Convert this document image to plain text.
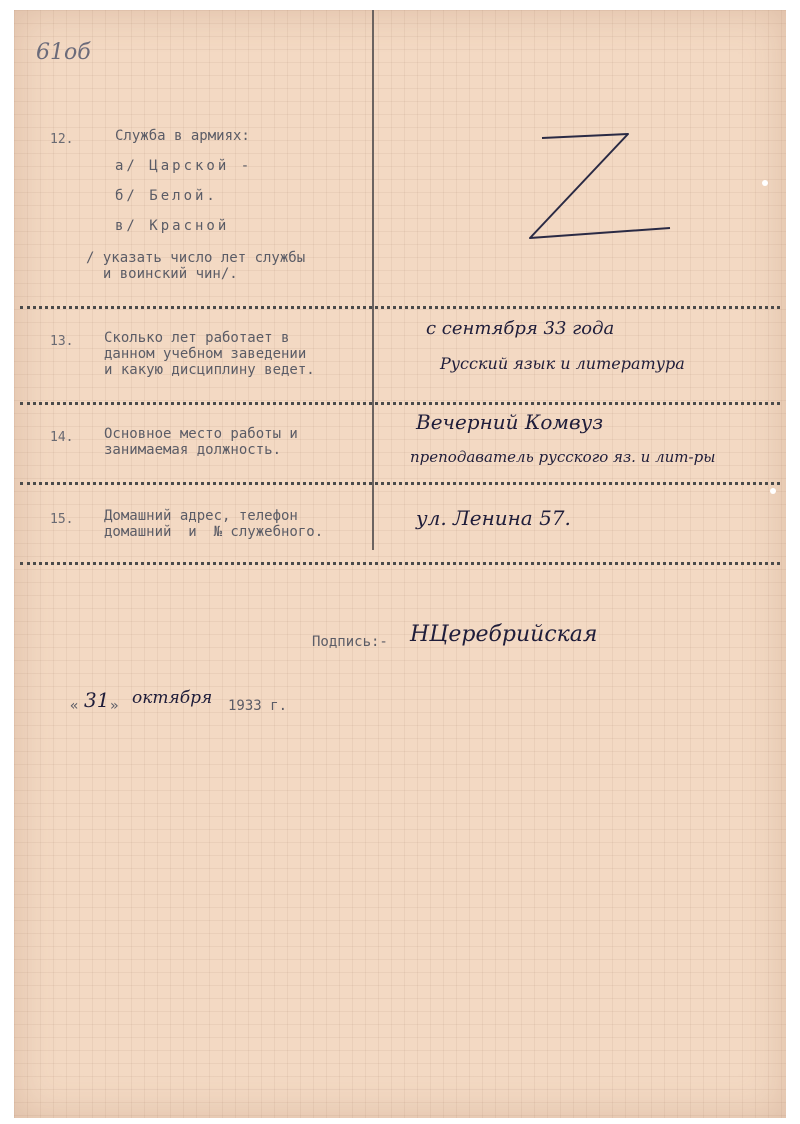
61об
12.	Служба в армиях:
а/ Царской -
б/ Белой.
в/ Красной
/ указать число лет службы
и воинский чин/.
13. Сколько лет работает в
данном учебном заведении
и какую дисциплину ведет.
с сентября 33 года
Русский язык и литература
14. Основное место работы и
занимаемая должность.
Вечерний Комвуз
преподаватель русского яз. и лит-ры
15. Домашний адрес, телефон
домашний  и  № служебного.
ул. Ленина 57.
Подпись:- НЦеребрийская
« 31 » октября 1933 г.
